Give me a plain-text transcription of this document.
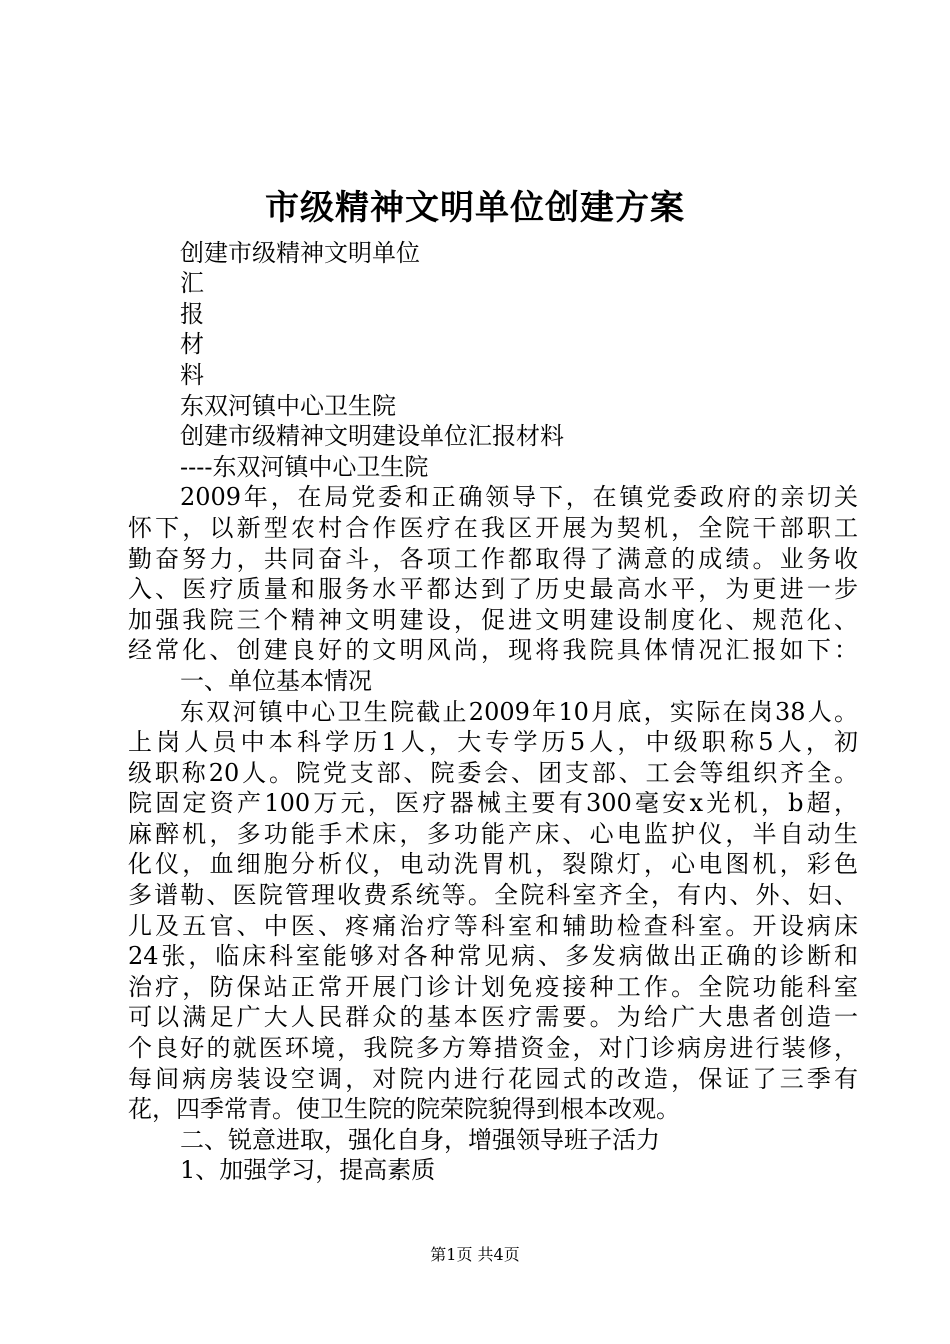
市级精神文明单位创建方案
创建市级精神文明单位
汇
报
材
料
东双河镇中心卫生院
创建市级精神文明建设单位汇报材料
----东双河镇中心卫生院
2009年，在局党委和正确领导下，在镇党委政府的亲切关
怀下，以新型农村合作医疗在我区开展为契机，全院干部职工
勤奋努力，共同奋斗，各项工作都取得了满意的成绩。业务收
入、医疗质量和服务水平都达到了历史最高水平，为更进一步
加强我院三个精神文明建设，促进文明建设制度化、规范化、
经常化、创建良好的文明风尚，现将我院具体情况汇报如下：
一、单位基本情况
东双河镇中心卫生院截止2009年10月底，实际在岗38人。
上岗人员中本科学历1人，大专学历5人，中级职称5人，初
级职称20人。院党支部、院委会、团支部、工会等组织齐全。
院固定资产100万元，医疗器械主要有300毫安x光机，b超，
麻醉机，多功能手术床，多功能产床、心电监护仪，半自动生
化仪，血细胞分析仪，电动洗胃机，裂隙灯，心电图机，彩色
多谱勒、医院管理收费系统等。全院科室齐全，有内、外、妇、
儿及五官、中医、疼痛治疗等科室和辅助检查科室。开设病床
24张，临床科室能够对各种常见病、多发病做出正确的诊断和
治疗，防保站正常开展门诊计划免疫接种工作。全院功能科室
可以满足广大人民群众的基本医疗需要。为给广大患者创造一
个良好的就医环境，我院多方筹措资金，对门诊病房进行装修，
每间病房装设空调，对院内进行花园式的改造，保证了三季有
花，四季常青。使卫生院的院荣院貌得到根本改观。
二、锐意进取，强化自身，增强领导班子活力
1、加强学习，提高素质
第1页 共4页
